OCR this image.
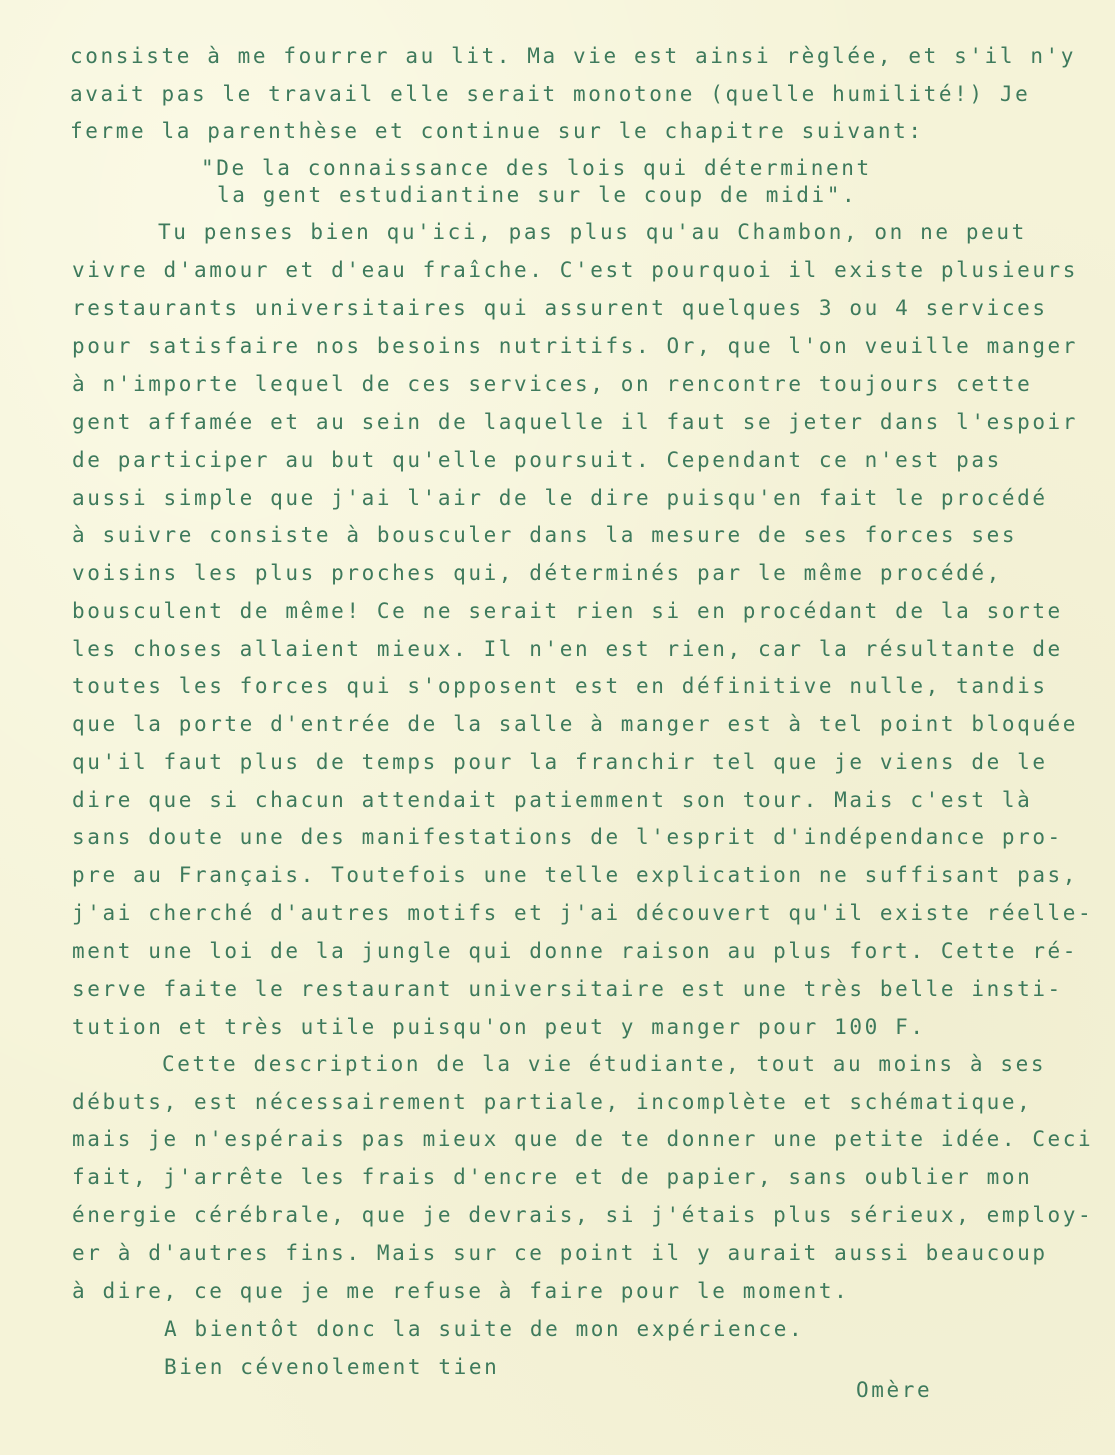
consiste à me fourrer au lit. Ma vie est ainsi règlée, et s'il n'y

avait pas le travail elle serait monotone (quelle humilité!) Je

ferme la parenthèse et continue sur le chapitre suivant:

"De la connaissance des lois qui déterminent

la gent estudiantine sur le coup de midi".

Tu penses bien qu'ici, pas plus qu'au Chambon, on ne peut

vivre d'amour et d'eau fraîche. C'est pourquoi il existe plusieurs

restaurants universitaires qui assurent quelques 3 ou 4 services

pour satisfaire nos besoins nutritifs. Or, que l'on veuille manger

à n'importe lequel de ces services, on rencontre toujours cette

gent affamée et au sein de laquelle il faut se jeter dans l'espoir

de participer au but qu'elle poursuit. Cependant ce n'est pas

aussi simple que j'ai l'air de le dire puisqu'en fait le procédé

à suivre consiste à bousculer dans la mesure de ses forces ses

voisins les plus proches qui, déterminés par le même procédé,

bousculent de même! Ce ne serait rien si en procédant de la sorte

les choses allaient mieux. Il n'en est rien, car la résultante de

toutes les forces qui s'opposent est en définitive nulle, tandis

que la porte d'entrée de la salle à manger est à tel point bloquée

qu'il faut plus de temps pour la franchir tel que je viens de le

dire que si chacun attendait patiemment son tour. Mais c'est là

sans doute une des manifestations de l'esprit d'indépendance pro-

pre au Français. Toutefois une telle explication ne suffisant pas,

j'ai cherché d'autres motifs et j'ai découvert qu'il existe réelle-

ment une loi de la jungle qui donne raison au plus fort. Cette ré-

serve faite le restaurant universitaire est une très belle insti-

tution et très utile puisqu'on peut y manger pour 100 F.

Cette description de la vie étudiante, tout au moins à ses

débuts, est nécessairement partiale, incomplète et schématique,

mais je n'espérais pas mieux que de te donner une petite idée. Ceci

fait, j'arrête les frais d'encre et de papier, sans oublier mon

énergie cérébrale, que je devrais, si j'étais plus sérieux, employ-

er à d'autres fins. Mais sur ce point il y aurait aussi beaucoup

à dire, ce que je me refuse à faire pour le moment.

A bientôt donc la suite de mon expérience.

Bien cévenolement tien

Omère
